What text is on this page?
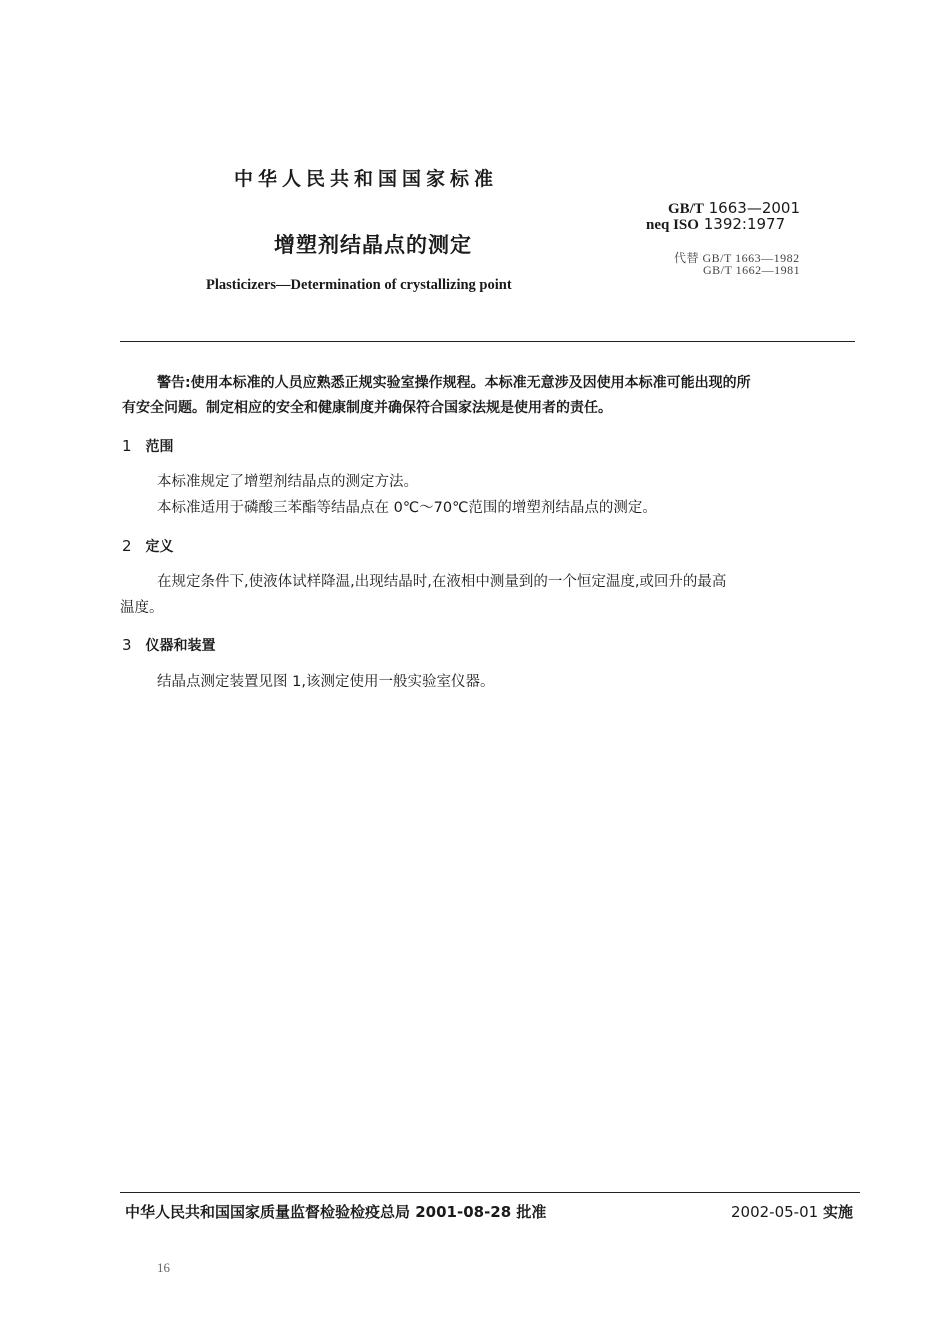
中华人民共和国国家标准
增塑剂结晶点的测定
Plasticizers—Determination of crystallizing point
GB/T 1663—2001
neq ISO 1392:1977
代替 GB/T 1663—1982
GB/T 1662—1981

警告:使用本标准的人员应熟悉正规实验室操作规程。本标准无意涉及因使用本标准可能出现的所

有安全问题。制定相应的安全和健康制度并确保符合国家法规是使用者的责任。

1 范围

本标准规定了增塑剂结晶点的测定方法。

本标准适用于磷酸三苯酯等结晶点在 0℃～70℃范围的增塑剂结晶点的测定。

2 定义

在规定条件下,使液体试样降温,出现结晶时,在液相中测量到的一个恒定温度,或回升的最高

温度。

3 仪器和装置

结晶点测定装置见图 1,该测定使用一般实验室仪器。

中华人民共和国国家质量监督检验检疫总局 2001-08-28 批准	2002-05-01 实施
16
